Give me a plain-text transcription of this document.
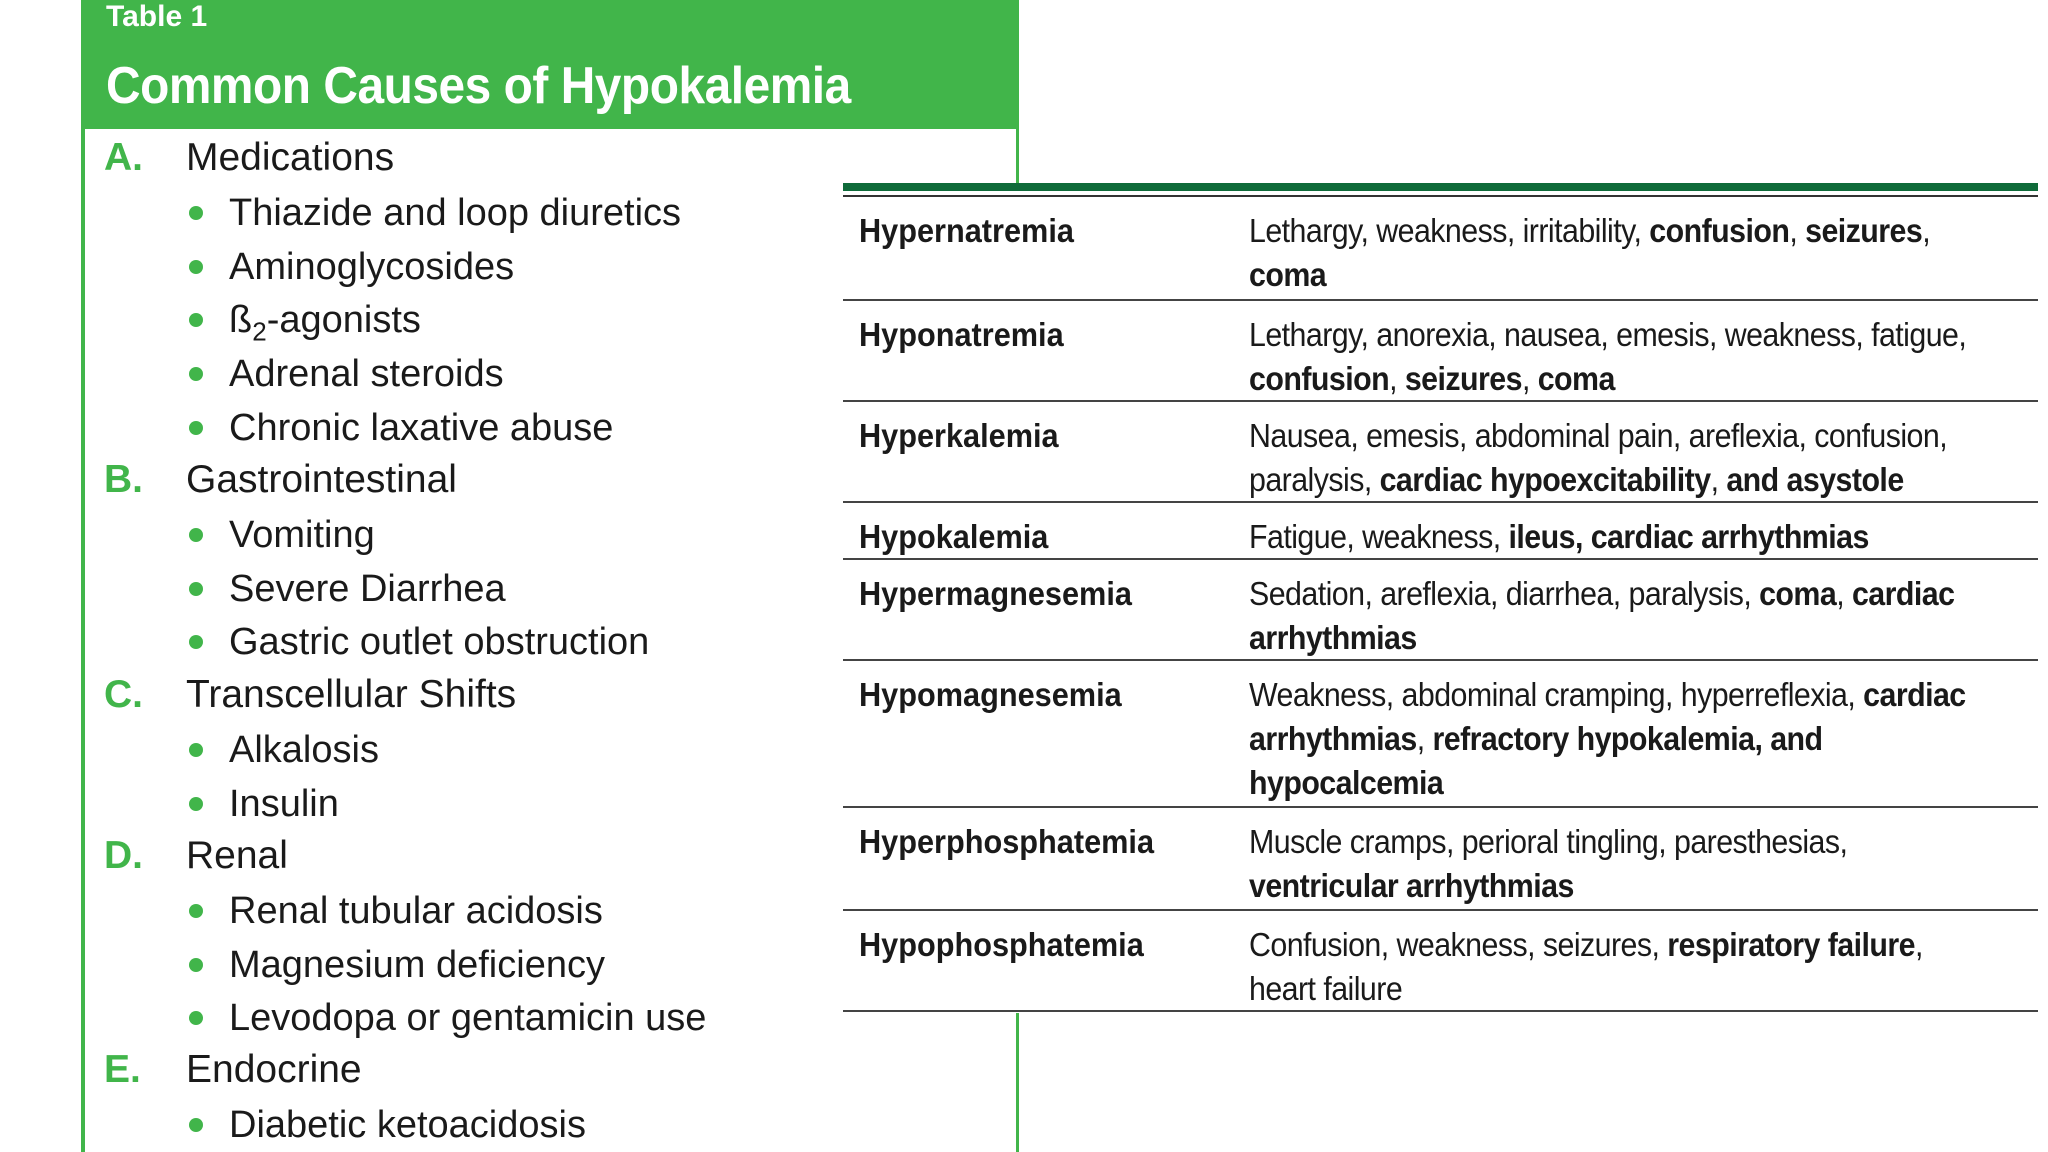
Table 1
Common Causes of Hypokalemia
A. Medications
Thiazide and loop diuretics
Aminoglycosides
$ß_2$-agonists
Adrenal steroids
Chronic laxative abuse
B. Gastrointestinal
Vomiting
Severe Diarrhea
Gastric outlet obstruction
C. Transcellular Shifts
Alkalosis
Insulin
D. Renal
Renal tubular acidosis
Magnesium deficiency
Levodopa or gentamicin use
E. Endocrine
Diabetic ketoacidosis
Hypernatremia	Lethargy, weakness, irritability, confusion, seizures, coma
Hyponatremia	Lethargy, anorexia, nausea, emesis, weakness, fatigue, confusion, seizures, coma
Hyperkalemia	Nausea, emesis, abdominal pain, areflexia, confusion, paralysis, cardiac hypoexcitability, and asystole
Hypokalemia	Fatigue, weakness, ileus, cardiac arrhythmias
Hypermagnesemia	Sedation, areflexia, diarrhea, paralysis, coma, cardiac arrhythmias
Hypomagnesemia	Weakness, abdominal cramping, hyperreflexia, cardiac arrhythmias, refractory hypokalemia, and hypocalcemia
Hyperphosphatemia	Muscle cramps, perioral tingling, paresthesias, ventricular arrhythmias
Hypophosphatemia	Confusion, weakness, seizures, respiratory failure, heart failure
